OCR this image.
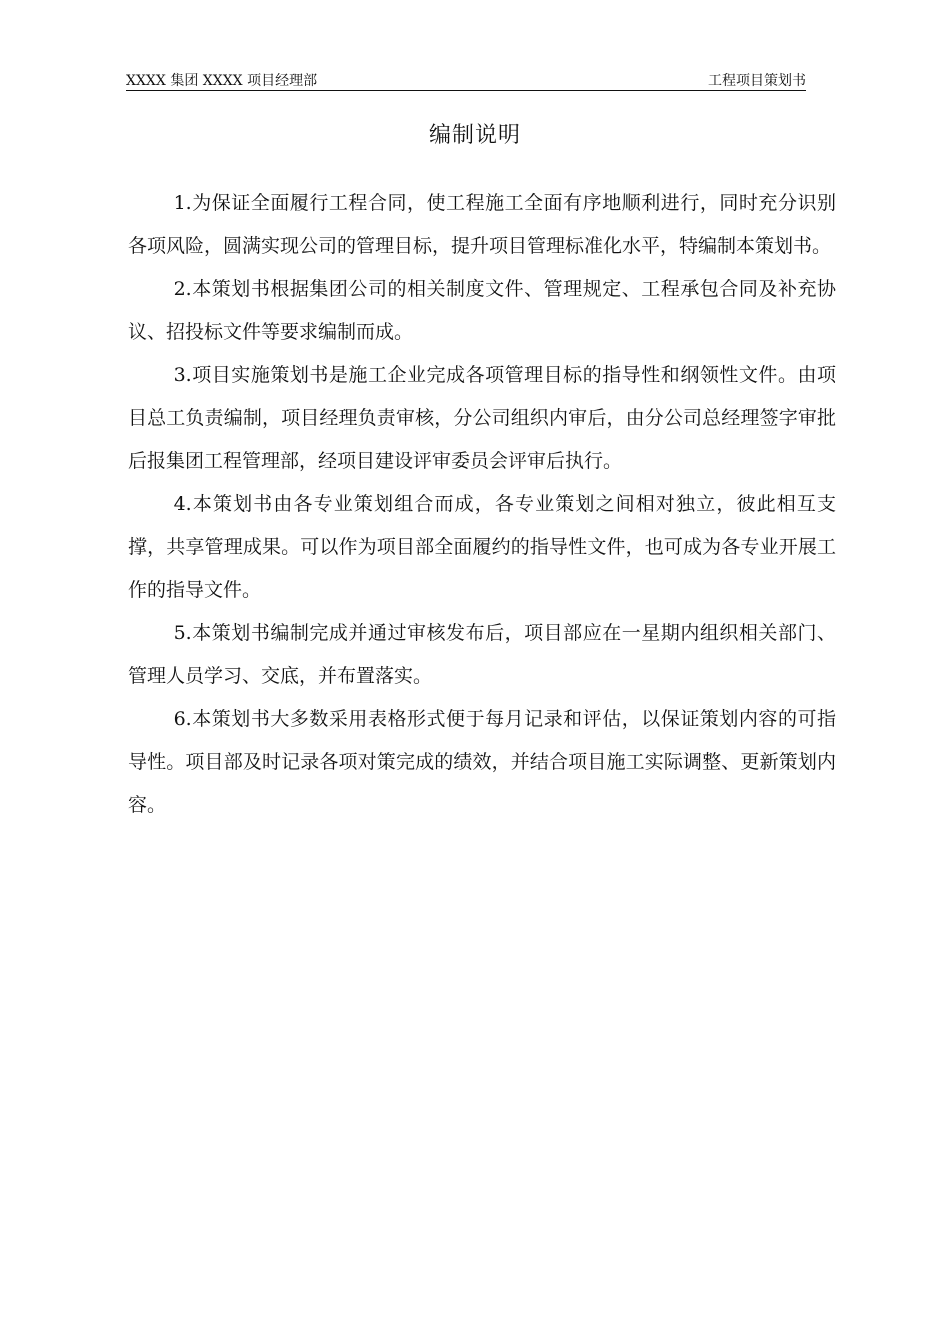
XXXX 集团 XXXX 项目经理部	工程项目策划书
编制说明

1.为保证全面履行工程合同，使工程施工全面有序地顺利进行，同时充分识别各项风险，圆满实现公司的管理目标，提升项目管理标准化水平，特编制本策划书。

2.本策划书根据集团公司的相关制度文件、管理规定、工程承包合同及补充协议、招投标文件等要求编制而成。

3.项目实施策划书是施工企业完成各项管理目标的指导性和纲领性文件。由项目总工负责编制，项目经理负责审核，分公司组织内审后，由分公司总经理签字审批后报集团工程管理部，经项目建设评审委员会评审后执行。

4.本策划书由各专业策划组合而成，各专业策划之间相对独立，彼此相互支撑，共享管理成果。可以作为项目部全面履约的指导性文件，也可成为各专业开展工作的指导文件。

5.本策划书编制完成并通过审核发布后，项目部应在一星期内组织相关部门、管理人员学习、交底，并布置落实。

6.本策划书大多数采用表格形式便于每月记录和评估，以保证策划内容的可指导性。项目部及时记录各项对策完成的绩效，并结合项目施工实际调整、更新策划内容。
